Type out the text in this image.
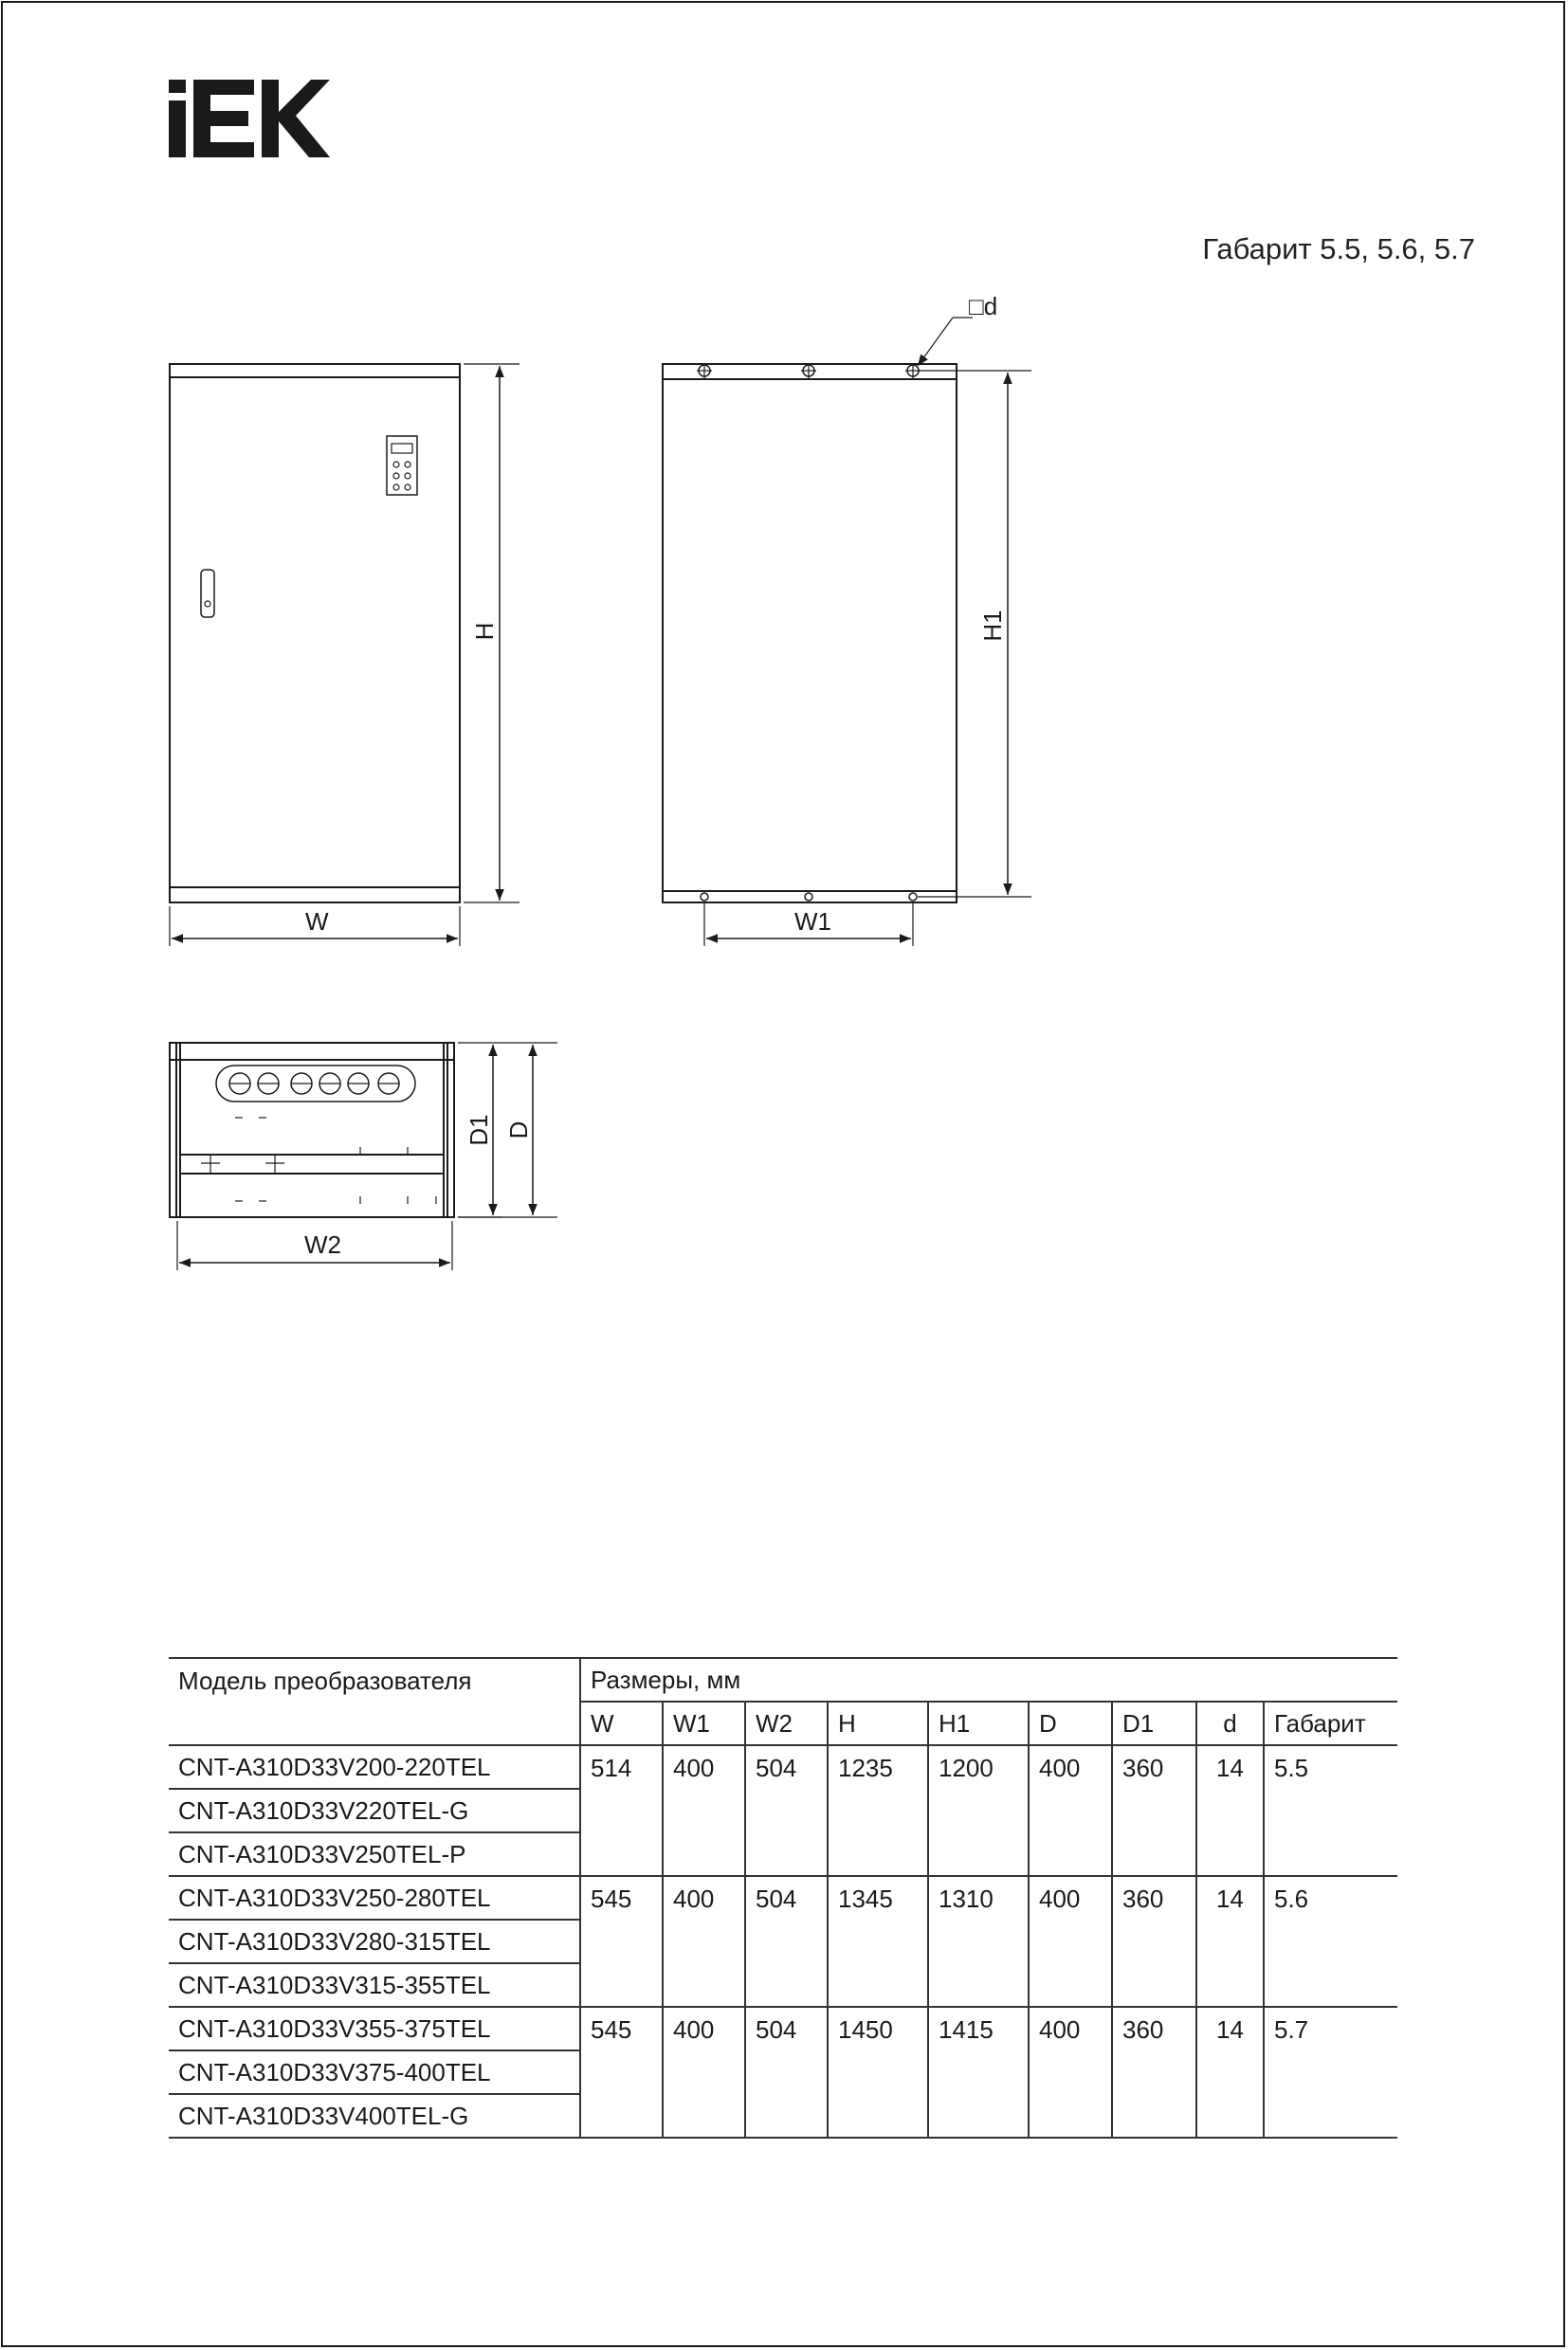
Габарит 5.5, 5.6, 5.7
□d
W
H
W1
H1
W2
D1 D
Модель преобразователя	Размеры, мм								
	W	W1	W2	H	H1	D	D1	d	Габарит
CNT-A310D33V200-220TEL	514	400	504	1235	1200	400	360	14	5.5
CNT-A310D33V220TEL-G									
CNT-A310D33V250TEL-P									
CNT-A310D33V250-280TEL	545	400	504	1345	1310	400	360	14	5.6
CNT-A310D33V280-315TEL									
CNT-A310D33V315-355TEL									
CNT-A310D33V355-375TEL	545	400	504	1450	1415	400	360	14	5.7
CNT-A310D33V375-400TEL									
CNT-A310D33V400TEL-G									
